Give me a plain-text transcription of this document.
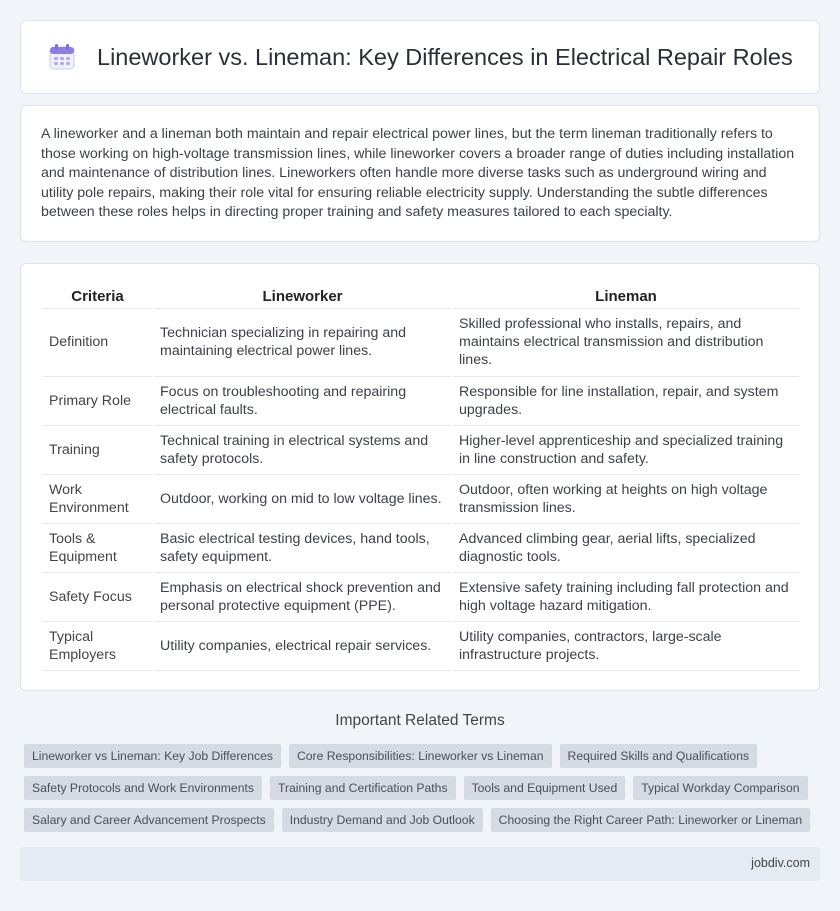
Lineworker vs. Lineman: Key Differences in Electrical Repair Roles

A lineworker and a lineman both maintain and repair electrical power lines, but the term lineman traditionally refers to those working on high-voltage transmission lines, while lineworker covers a broader range of duties including installation and maintenance of distribution lines. Lineworkers often handle more diverse tasks such as underground wiring and utility pole repairs, making their role vital for ensuring reliable electricity supply. Understanding the subtle differences between these roles helps in directing proper training and safety measures tailored to each specialty.

Criteria	Lineworker	Lineman
Definition	Technician specializing in repairing and maintaining electrical power lines.	Skilled professional who installs, repairs, and maintains electrical transmission and distribution lines.
Primary Role	Focus on troubleshooting and repairing electrical faults.	Responsible for line installation, repair, and system upgrades.
Training	Technical training in electrical systems and safety protocols.	Higher-level apprenticeship and specialized training in line construction and safety.
Work Environment	Outdoor, working on mid to low voltage lines.	Outdoor, often working at heights on high voltage transmission lines.
Tools & Equipment	Basic electrical testing devices, hand tools, safety equipment.	Advanced climbing gear, aerial lifts, specialized diagnostic tools.
Safety Focus	Emphasis on electrical shock prevention and personal protective equipment (PPE).	Extensive safety training including fall protection and high voltage hazard mitigation.
Typical Employers	Utility companies, electrical repair services.	Utility companies, contractors, large-scale infrastructure projects.
Important Related Terms
Lineworker vs Lineman: Key Job Differences	Core Responsibilities: Lineworker vs Lineman	Required Skills and Qualifications
Safety Protocols and Work Environments	Training and Certification Paths	Tools and Equipment Used	Typical Workday Comparison
Salary and Career Advancement Prospects	Industry Demand and Job Outlook	Choosing the Right Career Path: Lineworker or Lineman
jobdiv.com
